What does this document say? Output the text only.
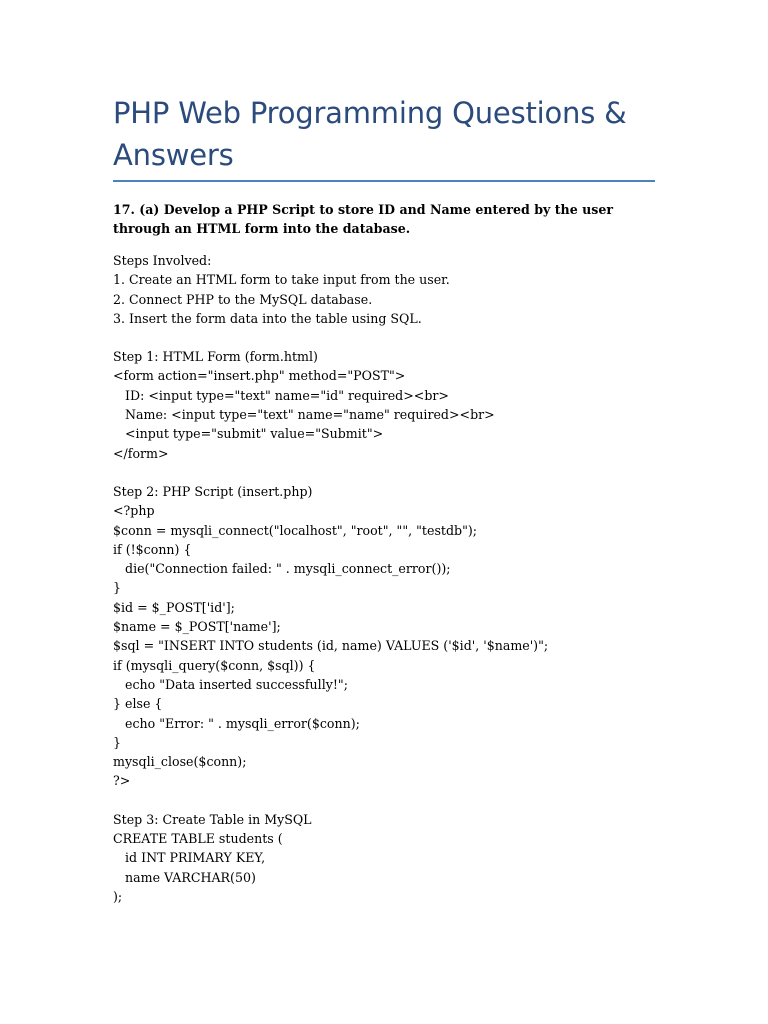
PHP Web Programming Questions & Answers
17. (a) Develop a PHP Script to store ID and Name entered by the user through an HTML form into the database.
Steps Involved:
1. Create an HTML form to take input from the user.
2. Connect PHP to the MySQL database.
3. Insert the form data into the table using SQL.
Step 1: HTML Form (form.html)
<form action="insert.php" method="POST">
ID: <input type="text" name="id" required><br>
Name: <input type="text" name="name" required><br>
<input type="submit" value="Submit">
</form>
Step 2: PHP Script (insert.php)
<?php
$conn = mysqli_connect("localhost", "root", "", "testdb");
if (!$conn) {
die("Connection failed: " . mysqli_connect_error());
}
$id = $_POST['id'];
$name = $_POST['name'];
$sql = "INSERT INTO students (id, name) VALUES ('$id', '$name')";
if (mysqli_query($conn, $sql)) {
echo "Data inserted successfully!";
} else {
echo "Error: " . mysqli_error($conn);
}
mysqli_close($conn);
?>
Step 3: Create Table in MySQL
CREATE TABLE students (
id INT PRIMARY KEY,
name VARCHAR(50)
);
